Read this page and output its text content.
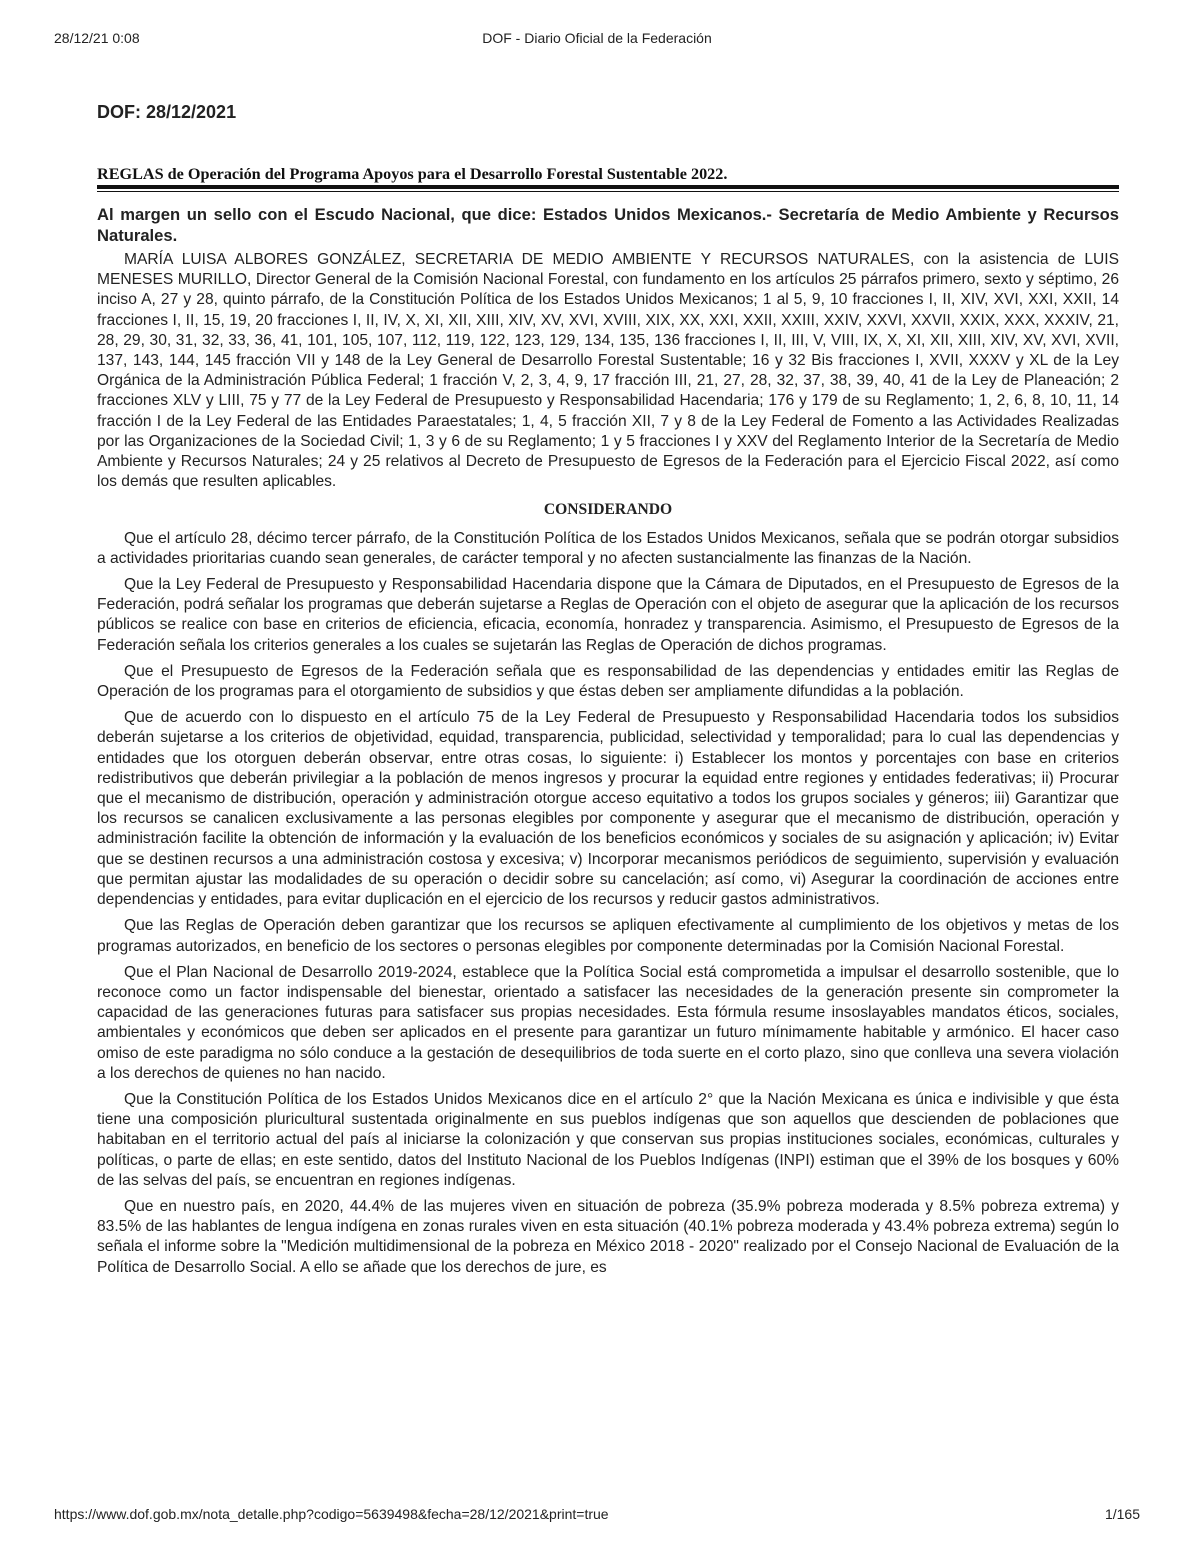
28/12/21 0:08	DOF - Diario Oficial de la Federación
DOF: 28/12/2021
REGLAS de Operación del Programa Apoyos para el Desarrollo Forestal Sustentable 2022.
Al margen un sello con el Escudo Nacional, que dice: Estados Unidos Mexicanos.- Secretaría de Medio Ambiente y Recursos Naturales.

MARÍA LUISA ALBORES GONZÁLEZ, SECRETARIA DE MEDIO AMBIENTE Y RECURSOS NATURALES, con la asistencia de LUIS MENESES MURILLO, Director General de la Comisión Nacional Forestal, con fundamento en los artículos 25 párrafos primero, sexto y séptimo, 26 inciso A, 27 y 28, quinto párrafo, de la Constitución Política de los Estados Unidos Mexicanos; 1 al 5, 9, 10 fracciones I, II, XIV, XVI, XXI, XXII, 14 fracciones I, II, 15, 19, 20 fracciones I, II, IV, X, XI, XII, XIII, XIV, XV, XVI, XVIII, XIX, XX, XXI, XXII, XXIII, XXIV, XXVI, XXVII, XXIX, XXX, XXXIV, 21, 28, 29, 30, 31, 32, 33, 36, 41, 101, 105, 107, 112, 119, 122, 123, 129, 134, 135, 136 fracciones I, II, III, V, VIII, IX, X, XI, XII, XIII, XIV, XV, XVI, XVII, 137, 143, 144, 145 fracción VII y 148 de la Ley General de Desarrollo Forestal Sustentable; 16 y 32 Bis fracciones I, XVII, XXXV y XL de la Ley Orgánica de la Administración Pública Federal; 1 fracción V, 2, 3, 4, 9, 17 fracción III, 21, 27, 28, 32, 37, 38, 39, 40, 41 de la Ley de Planeación; 2 fracciones XLV y LIII, 75 y 77 de la Ley Federal de Presupuesto y Responsabilidad Hacendaria; 176 y 179 de su Reglamento; 1, 2, 6, 8, 10, 11, 14 fracción I de la Ley Federal de las Entidades Paraestatales; 1, 4, 5 fracción XII, 7 y 8 de la Ley Federal de Fomento a las Actividades Realizadas por las Organizaciones de la Sociedad Civil; 1, 3 y 6 de su Reglamento; 1 y 5 fracciones I y XXV del Reglamento Interior de la Secretaría de Medio Ambiente y Recursos Naturales; 24 y 25 relativos al Decreto de Presupuesto de Egresos de la Federación para el Ejercicio Fiscal 2022, así como los demás que resulten aplicables.

CONSIDERANDO

Que el artículo 28, décimo tercer párrafo, de la Constitución Política de los Estados Unidos Mexicanos, señala que se podrán otorgar subsidios a actividades prioritarias cuando sean generales, de carácter temporal y no afecten sustancialmente las finanzas de la Nación.

Que la Ley Federal de Presupuesto y Responsabilidad Hacendaria dispone que la Cámara de Diputados, en el Presupuesto de Egresos de la Federación, podrá señalar los programas que deberán sujetarse a Reglas de Operación con el objeto de asegurar que la aplicación de los recursos públicos se realice con base en criterios de eficiencia, eficacia, economía, honradez y transparencia. Asimismo, el Presupuesto de Egresos de la Federación señala los criterios generales a los cuales se sujetarán las Reglas de Operación de dichos programas.

Que el Presupuesto de Egresos de la Federación señala que es responsabilidad de las dependencias y entidades emitir las Reglas de Operación de los programas para el otorgamiento de subsidios y que éstas deben ser ampliamente difundidas a la población.

Que de acuerdo con lo dispuesto en el artículo 75 de la Ley Federal de Presupuesto y Responsabilidad Hacendaria todos los subsidios deberán sujetarse a los criterios de objetividad, equidad, transparencia, publicidad, selectividad y temporalidad; para lo cual las dependencias y entidades que los otorguen deberán observar, entre otras cosas, lo siguiente: i) Establecer los montos y porcentajes con base en criterios redistributivos que deberán privilegiar a la población de menos ingresos y procurar la equidad entre regiones y entidades federativas; ii) Procurar que el mecanismo de distribución, operación y administración otorgue acceso equitativo a todos los grupos sociales y géneros; iii) Garantizar que los recursos se canalicen exclusivamente a las personas elegibles por componente y asegurar que el mecanismo de distribución, operación y administración facilite la obtención de información y la evaluación de los beneficios económicos y sociales de su asignación y aplicación; iv) Evitar que se destinen recursos a una administración costosa y excesiva; v) Incorporar mecanismos periódicos de seguimiento, supervisión y evaluación que permitan ajustar las modalidades de su operación o decidir sobre su cancelación; así como, vi) Asegurar la coordinación de acciones entre dependencias y entidades, para evitar duplicación en el ejercicio de los recursos y reducir gastos administrativos.

Que las Reglas de Operación deben garantizar que los recursos se apliquen efectivamente al cumplimiento de los objetivos y metas de los programas autorizados, en beneficio de los sectores o personas elegibles por componente determinadas por la Comisión Nacional Forestal.

Que el Plan Nacional de Desarrollo 2019-2024, establece que la Política Social está comprometida a impulsar el desarrollo sostenible, que lo reconoce como un factor indispensable del bienestar, orientado a satisfacer las necesidades de la generación presente sin comprometer la capacidad de las generaciones futuras para satisfacer sus propias necesidades. Esta fórmula resume insoslayables mandatos éticos, sociales, ambientales y económicos que deben ser aplicados en el presente para garantizar un futuro mínimamente habitable y armónico. El hacer caso omiso de este paradigma no sólo conduce a la gestación de desequilibrios de toda suerte en el corto plazo, sino que conlleva una severa violación a los derechos de quienes no han nacido.

Que la Constitución Política de los Estados Unidos Mexicanos dice en el artículo 2° que la Nación Mexicana es única e indivisible y que ésta tiene una composición pluricultural sustentada originalmente en sus pueblos indígenas que son aquellos que descienden de poblaciones que habitaban en el territorio actual del país al iniciarse la colonización y que conservan sus propias instituciones sociales, económicas, culturales y políticas, o parte de ellas; en este sentido, datos del Instituto Nacional de los Pueblos Indígenas (INPI) estiman que el 39% de los bosques y 60% de las selvas del país, se encuentran en regiones indígenas.

Que en nuestro país, en 2020, 44.4% de las mujeres viven en situación de pobreza (35.9% pobreza moderada y 8.5% pobreza extrema) y 83.5% de las hablantes de lengua indígena en zonas rurales viven en esta situación (40.1% pobreza moderada y 43.4% pobreza extrema) según lo señala el informe sobre la "Medición multidimensional de la pobreza en México 2018 - 2020" realizado por el Consejo Nacional de Evaluación de la Política de Desarrollo Social. A ello se añade que los derechos de jure, es

https://www.dof.gob.mx/nota_detalle.php?codigo=5639498&fecha=28/12/2021&print=true	1/165
